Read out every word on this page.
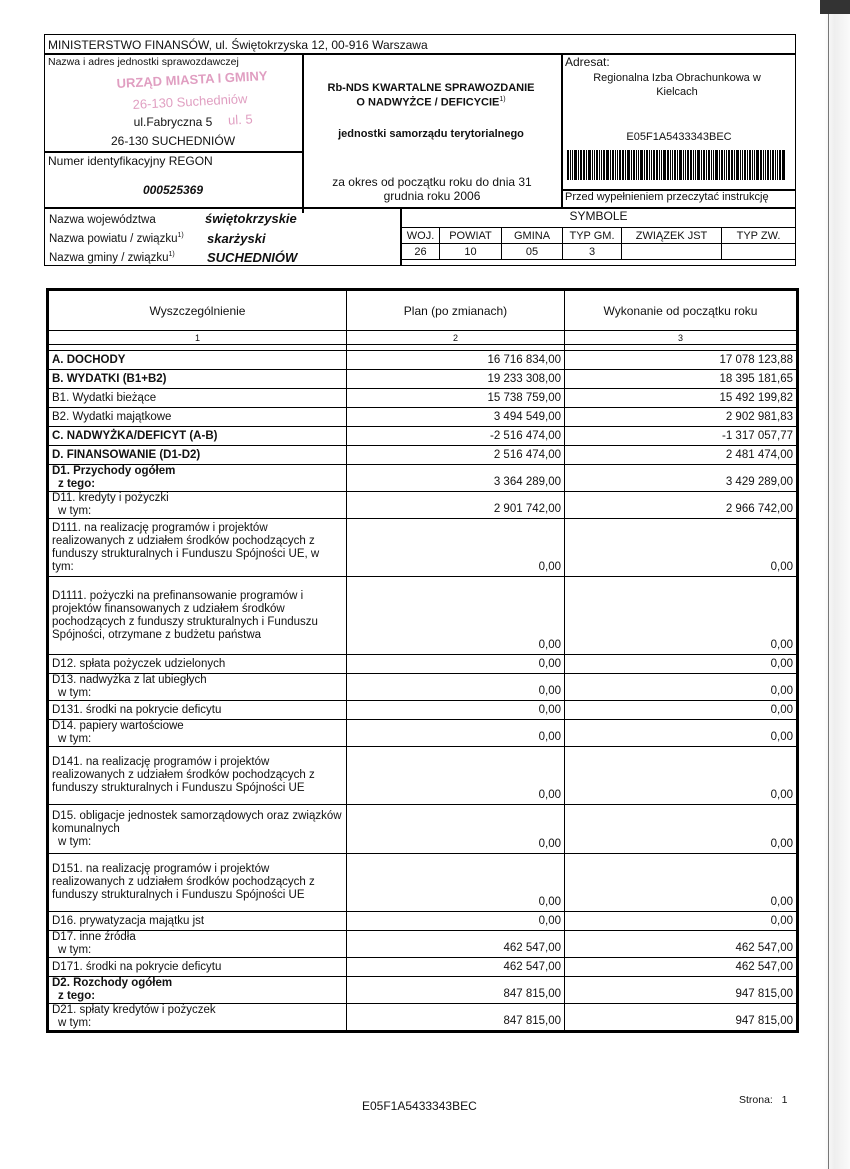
MINISTERSTWO FINANSÓW, ul. Świętokrzyska 12, 00-916 Warszawa
Nazwa i adres jednostki sprawozdawczej
URZĄD MIASTA I GMINY
26-130 Suchedniów
ul. 5
ul.Fabryczna 5
26-130 SUCHEDNIÓW
Numer identyfikacyjny REGON
000525369
Rb-NDS KWARTALNE SPRAWOZDANIE
O NADWYŻCE / DEFICYCIE$^{1)}$
jednostki samorządu terytorialnego
za okres od początku roku do dnia 31 grudnia roku 2006
Adresat:
Regionalna Izba Obrachunkowa w Kielcach
E05F1A5433343BEC
Przed wypełnieniem przeczytać instrukcję
Nazwa województwa	świętokrzyskie
Nazwa powiatu / związku$^{1)}$ skarżyski
Nazwa gminy / związku$^{1)}$ SUCHEDNIÓW
SYMBOLE
WOJ.	POWIAT	GMINA	TYP GM.	ZWIĄZEK JST	TYP ZW.
26	10	05	3		
Wyszczególnienie	Plan (po zmianach)	Wykonanie od początku roku
1	2	3

A. DOCHODY	16 716 834,00	17 078 123,88

B. WYDATKI (B1+B2)	19 233 308,00	18 395 181,65

B1. Wydatki bieżące	15 738 759,00	15 492 199,82

B2. Wydatki majątkowe	3 494 549,00	2 902 981,83

C. NADWYŻKA/DEFICYT (A-B)	-2 516 474,00	-1 317 057,77

D. FINANSOWANIE (D1-D2)	2 516 474,00	2 481 474,00

D1. Przychody ogółem
z tego:	3 364 289,00	3 429 289,00

D11. kredyty i pożyczki
w tym:	2 901 742,00	2 966 742,00

D111. na realizację programów i projektów realizowanych z udziałem środków pochodzących z funduszy strukturalnych i Funduszu Spójności UE, w tym:	0,00	0,00

D1111. pożyczki na prefinansowanie programów i projektów finansowanych z udziałem środków pochodzących z funduszy strukturalnych i Funduszu Spójności, otrzymane z budżetu państwa	0,00	0,00

D12. spłata pożyczek udzielonych	0,00	0,00

D13. nadwyżka z lat ubiegłych
w tym:	0,00	0,00

D131. środki na pokrycie deficytu	0,00	0,00

D14. papiery wartościowe
w tym:	0,00	0,00

D141. na realizację programów i projektów realizowanych z udziałem środków pochodzących z funduszy strukturalnych i Funduszu Spójności UE	0,00	0,00

D15. obligacje jednostek samorządowych oraz związków komunalnych
w tym:	0,00	0,00

D151. na realizację programów i projektów realizowanych z udziałem środków pochodzących z funduszy strukturalnych i Funduszu Spójności UE	0,00	0,00

D16. prywatyzacja majątku jst	0,00	0,00

D17. inne źródła
w tym:	462 547,00	462 547,00

D171. środki na pokrycie deficytu	462 547,00	462 547,00

D2. Rozchody ogółem
z tego:	847 815,00	947 815,00

D21. spłaty kredytów i pożyczek
w tym:	847 815,00	947 815,00
E05F1A5433343BEC	Strona: 1
